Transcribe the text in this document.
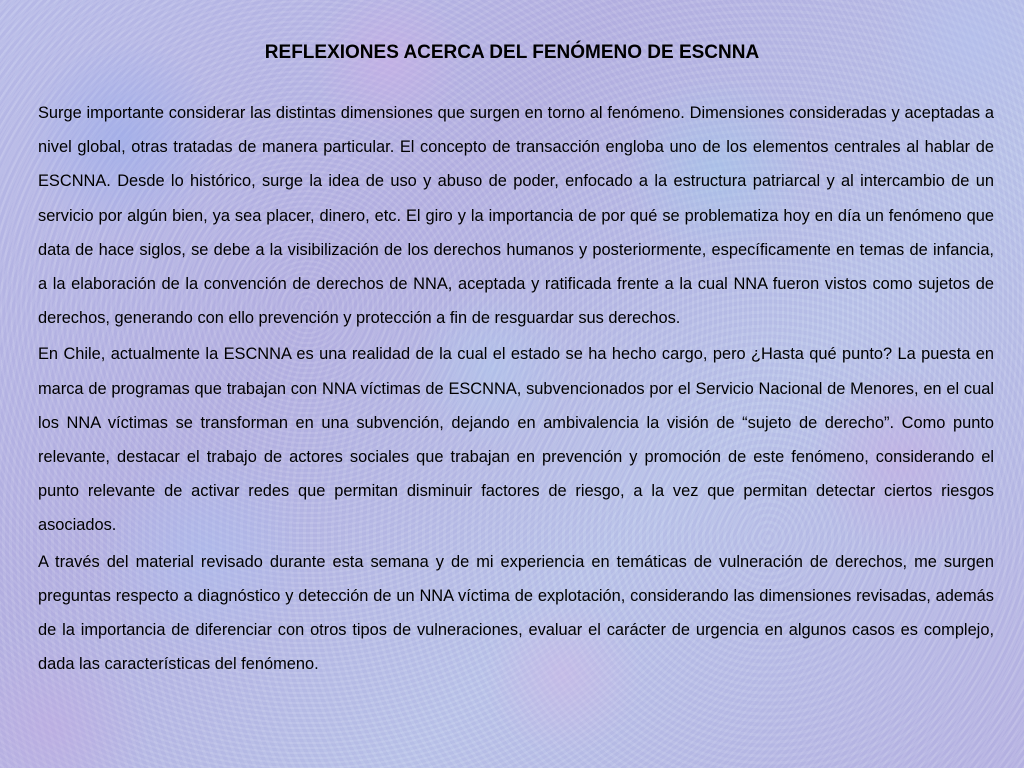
REFLEXIONES ACERCA DEL FENÓMENO DE ESCNNA

Surge importante considerar las distintas dimensiones que surgen en torno al fenómeno. Dimensiones consideradas y aceptadas a nivel global, otras tratadas de manera particular. El concepto de transacción engloba uno de los elementos centrales al hablar de ESCNNA. Desde lo histórico, surge la idea de uso y abuso de poder, enfocado a la estructura patriarcal y al intercambio de un servicio por algún bien, ya sea placer, dinero, etc. El giro y la importancia de por qué se problematiza hoy en día un fenómeno que data de hace siglos, se debe a la visibilización de los derechos humanos y posteriormente, específicamente en temas de infancia, a la elaboración de la convención de derechos de NNA, aceptada y ratificada frente a la cual NNA fueron vistos como sujetos de derechos, generando con ello prevención y protección a fin de resguardar sus derechos.

En Chile, actualmente la ESCNNA es una realidad de la cual el estado se ha hecho cargo, pero ¿Hasta qué punto? La puesta en marca de programas que trabajan con NNA víctimas de ESCNNA, subvencionados por el Servicio Nacional de Menores, en el cual los NNA víctimas se transforman en una subvención, dejando en ambivalencia la visión de “sujeto de derecho”. Como punto relevante, destacar el trabajo de actores sociales que trabajan en prevención y promoción de este fenómeno, considerando el punto relevante de activar redes que permitan disminuir factores de riesgo, a la vez que permitan detectar ciertos riesgos asociados.

A través del material revisado durante esta semana y de mi experiencia en temáticas de vulneración de derechos, me surgen preguntas respecto a diagnóstico y detección de un NNA víctima de explotación, considerando las dimensiones revisadas, además de la importancia de diferenciar con otros tipos de vulneraciones, evaluar el carácter de urgencia en algunos casos es complejo, dada las características del fenómeno.
